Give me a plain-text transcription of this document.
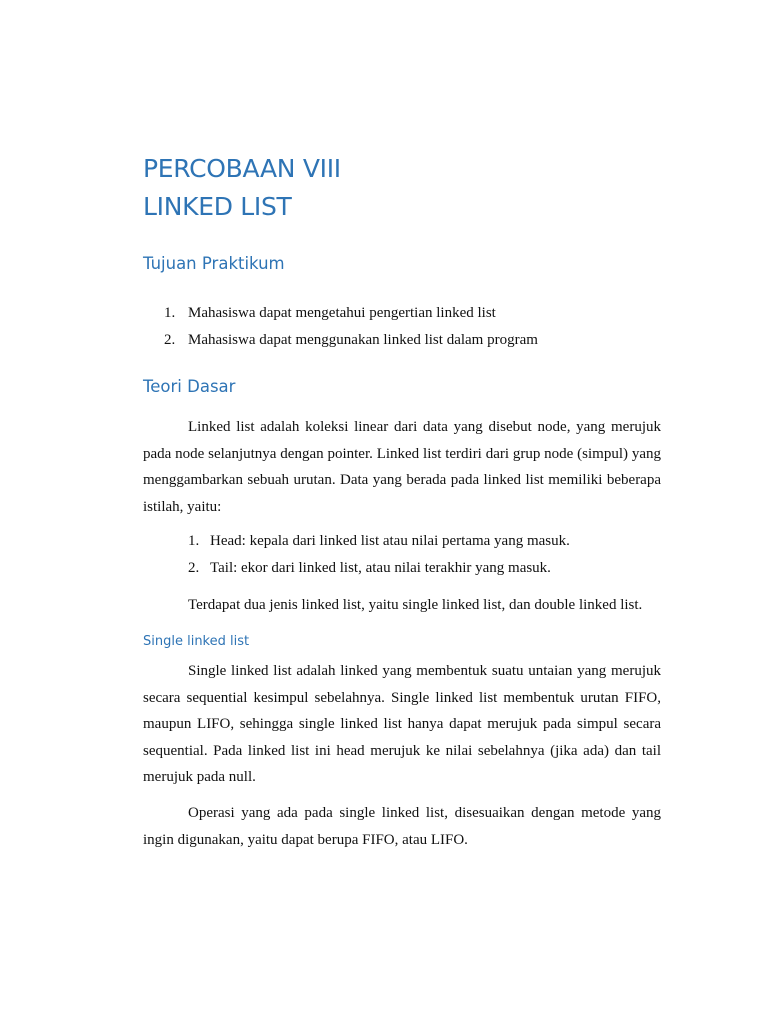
PERCOBAAN VIII
LINKED LIST
Tujuan Praktikum
1. Mahasiswa dapat mengetahui pengertian linked list
2. Mahasiswa dapat menggunakan linked list dalam program
Teori Dasar

Linked list adalah koleksi linear dari data yang disebut node, yang merujuk pada node selanjutnya dengan pointer. Linked list terdiri dari grup node (simpul) yang menggambarkan sebuah urutan. Data yang berada pada linked list memiliki beberapa istilah, yaitu:

1. Head: kepala dari linked list atau nilai pertama yang masuk.
2. Tail: ekor dari linked list, atau nilai terakhir yang masuk.

Terdapat dua jenis linked list, yaitu single linked list, dan double linked list.

Single linked list

Single linked list adalah linked yang membentuk suatu untaian yang merujuk secara sequential kesimpul sebelahnya. Single linked list membentuk urutan FIFO, maupun LIFO, sehingga single linked list hanya dapat merujuk pada simpul secara sequential. Pada linked list ini head merujuk ke nilai sebelahnya (jika ada) dan tail merujuk pada null.

Operasi yang ada pada single linked list, disesuaikan dengan metode yang ingin digunakan, yaitu dapat berupa FIFO, atau LIFO.
